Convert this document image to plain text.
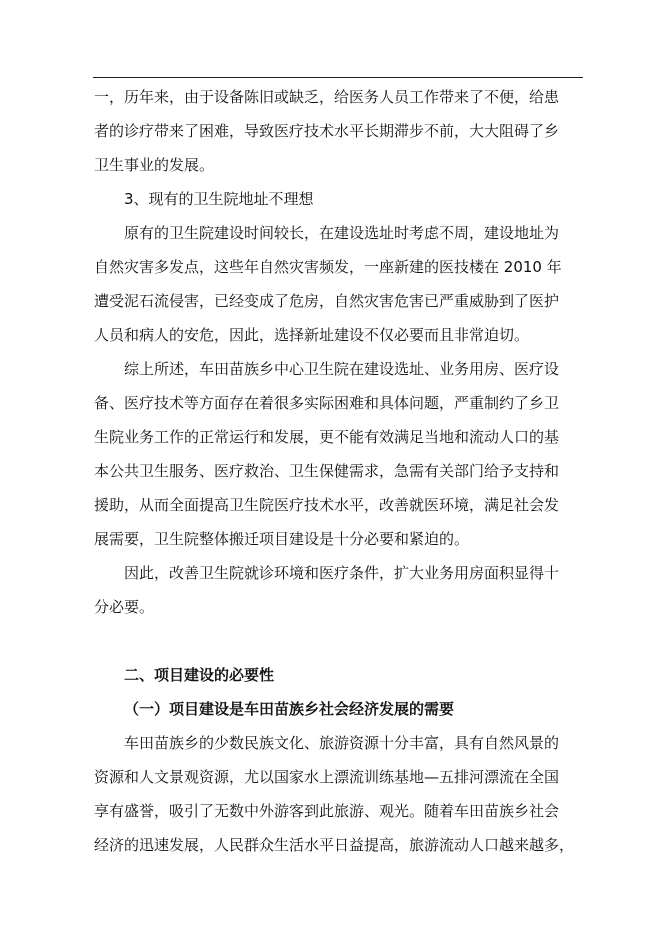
一，历年来，由于设备陈旧或缺乏，给医务人员工作带来了不便，给患
者的诊疗带来了困难，导致医疗技术水平长期滞步不前，大大阻碍了乡
卫生事业的发展。

3、现有的卫生院地址不理想

原有的卫生院建设时间较长，在建设选址时考虑不周，建设地址为
自然灾害多发点，这些年自然灾害频发，一座新建的医技楼在 2010 年
遭受泥石流侵害，已经变成了危房，自然灾害危害已严重威胁到了医护
人员和病人的安危，因此，选择新址建设不仅必要而且非常迫切。

综上所述，车田苗族乡中心卫生院在建设选址、业务用房、医疗设
备、医疗技术等方面存在着很多实际困难和具体问题，严重制约了乡卫
生院业务工作的正常运行和发展，更不能有效满足当地和流动人口的基
本公共卫生服务、医疗救治、卫生保健需求，急需有关部门给予支持和
援助，从而全面提高卫生院医疗技术水平，改善就医环境，满足社会发
展需要，卫生院整体搬迁项目建设是十分必要和紧迫的。

因此，改善卫生院就诊环境和医疗条件，扩大业务用房面积显得十
分必要。

二、项目建设的必要性

（一）项目建设是车田苗族乡社会经济发展的需要

车田苗族乡的少数民族文化、旅游资源十分丰富，具有自然风景的
资源和人文景观资源，尤以国家水上漂流训练基地—五排河漂流在全国
享有盛誉，吸引了无数中外游客到此旅游、观光。随着车田苗族乡社会
经济的迅速发展，人民群众生活水平日益提高，旅游流动人口越来越多，
